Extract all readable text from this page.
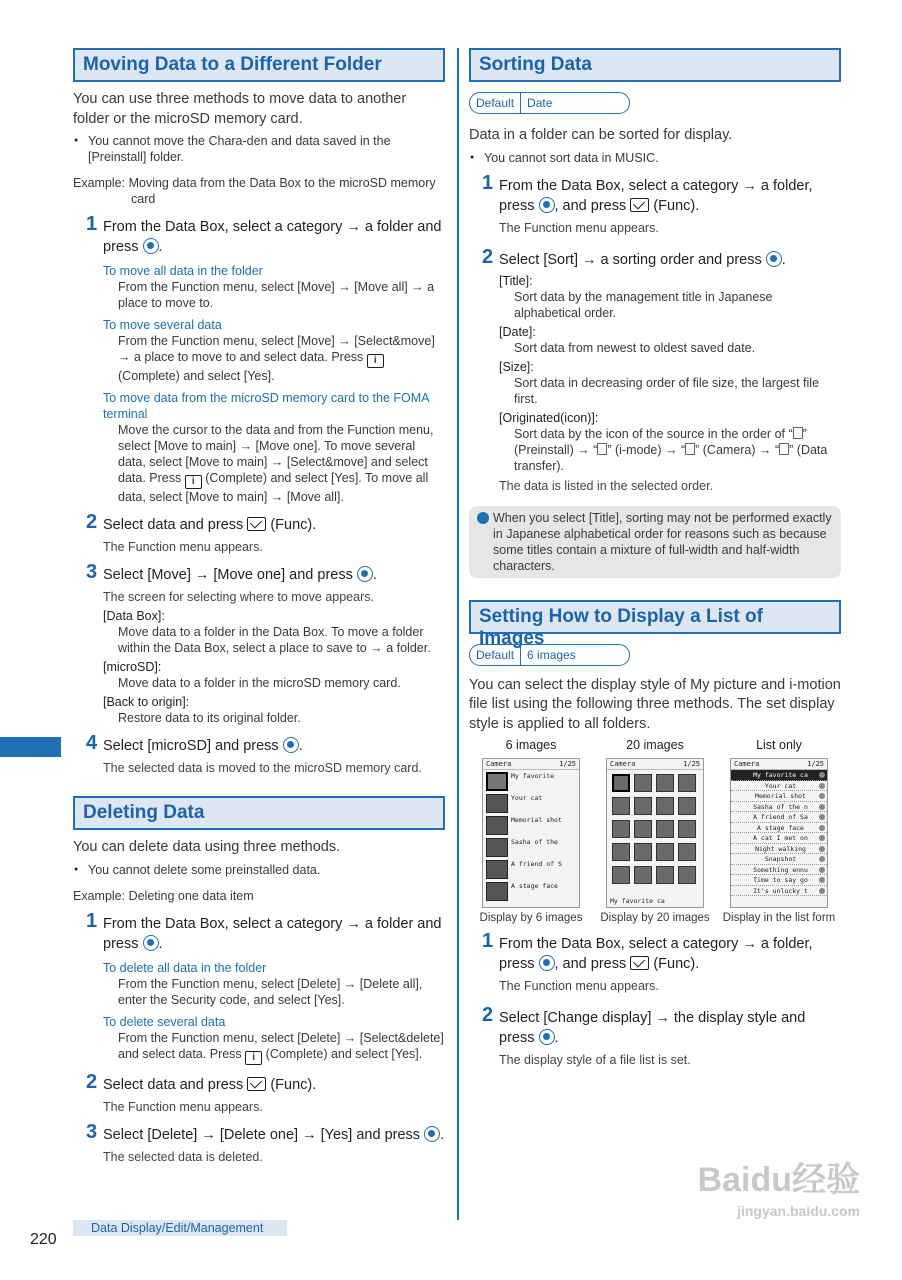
Moving Data to a Different Folder

You can use three methods to move data to another folder or the microSD memory card.

● You cannot move the Chara-den and data saved in the [Preinstall] folder.

Example: Moving data from the Data Box to the microSD memory
card

1 From the Data Box, select a category → a folder and press .

To move all data in the folder

From the Function menu, select [Move] → [Move all] → a place to move to.

To move several data

From the Function menu, select [Move] → [Select&move] → a place to move to and select data. Press i (Complete) and select [Yes].

To move data from the microSD memory card to the FOMA terminal

Move the cursor to the data and from the Function menu, select [Move to main] → [Move one]. To move several data, select [Move to main] → [Select&move] and select data. Press i (Complete) and select [Yes]. To move all data, select [Move to main] → [Move all].

2 Select data and press (Func).

The Function menu appears.

3 Select [Move] → [Move one] and press .

The screen for selecting where to move appears.

[Data Box]:

Move data to a folder in the Data Box. To move a folder within the Data Box, select a place to save to → a folder.

[microSD]:

Move data to a folder in the microSD memory card.

[Back to origin]:

Restore data to its original folder.

4 Select [microSD] and press .

The selected data is moved to the microSD memory card.

Deleting Data

You can delete data using three methods.

● You cannot delete some preinstalled data.

Example: Deleting one data item

1 From the Data Box, select a category → a folder and press .

To delete all data in the folder

From the Function menu, select [Delete] → [Delete all], enter the Security code, and select [Yes].

To delete several data

From the Function menu, select [Delete] → [Select&delete] and select data. Press i (Complete) and select [Yes].

2 Select data and press (Func).

The Function menu appears.

3 Select [Delete] → [Delete one] → [Yes] and press .

The selected data is deleted.

Sorting Data
Default	Date

Data in a folder can be sorted for display.

● You cannot sort data in MUSIC.

1 From the Data Box, select a category → a folder, press , and press (Func).

The Function menu appears.

2 Select [Sort] → a sorting order and press .

[Title]:

Sort data by the management title in Japanese alphabetical order.

[Date]:

Sort data from newest to oldest saved date.

[Size]:

Sort data in decreasing order of file size, the largest file first.

[Originated(icon)]:

Sort data by the icon of the source in the order of “ ” (Preinstall) → “ ” (i-mode) → “ ” (Camera) → “ ” (Data transfer).

The data is listed in the selected order.

When you select [Title], sorting may not be performed exactly in Japanese alphabetical order for reasons such as because some titles contain a mixture of full-width and half-width characters.
Setting How to Display a List of Images
Default	6 images

You can select the display style of My picture and i-motion file list using the following three methods. The set display style is applied to all folders.

6 images
Camera	1/25
My favorite
Your cat
Memorial shot
Sasha of the
A friend of S
A stage face
Display by 6 images
20 images
Camera	1/25
My favorite ca
Display by 20 images
List only
Camera	1/25
My favorite ca
Your cat
Memorial shot
Sasha of the n
A friend of Sa
A stage face
A cat I met on
Night walking
Snapshot
Something ennu
Time to say go
It's unlucky t
Display in the list form
1 From the Data Box, select a category → a folder, press , and press (Func).

The Function menu appears.

2 Select [Change display] → the display style and press .

The display style of a file list is set.

220
Data Display/Edit/Management
Baidu经验
jingyan.baidu.com
